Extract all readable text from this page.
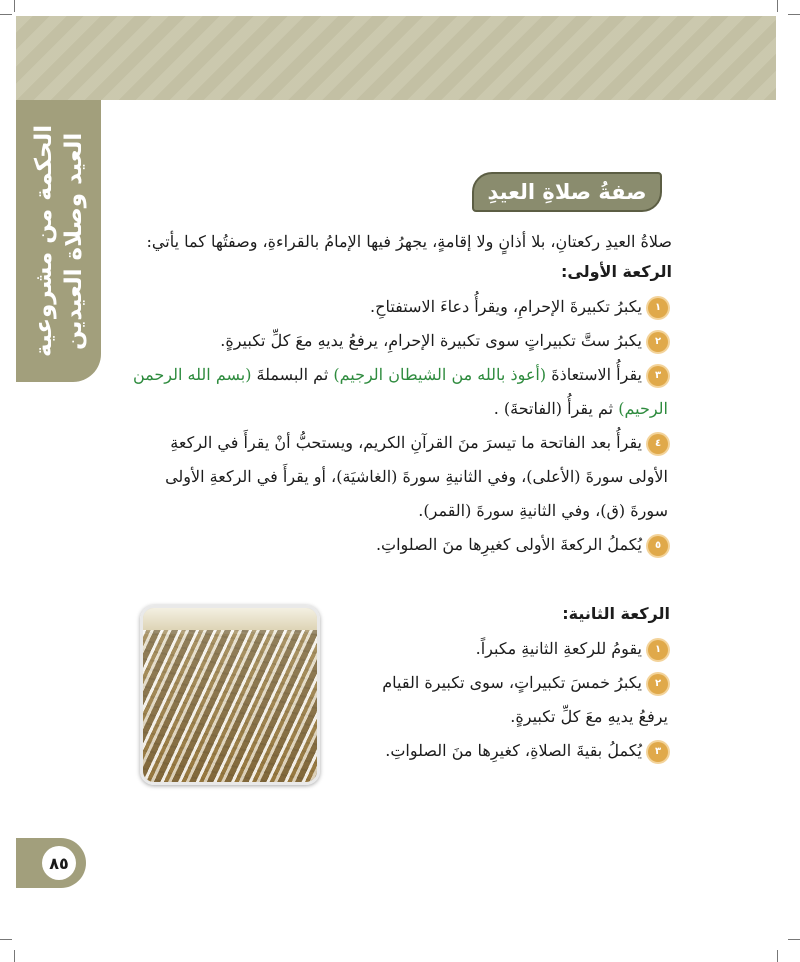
الحكمة من مشروعية العيد وصلاة العيدين	صفةُ صلاةِ العيدِ
صلاةُ العيدِ ركعتانِ، بلا أذانٍ ولا إقامةٍ، يجهرُ فيها الإمامُ بالقراءةِ، وصفتُها كما يأتي:
الركعة الأولى:
١يكبرُ تكبيرةَ الإحرامِ، ويقرأُ دعاءَ الاستفتاحِ.
٢يكبرُ ستَّ تكبيراتٍ سوى تكبيرة الإحرامِ، يرفعُ يديهِ معَ كلِّ تكبيرةٍ.
٣يقرأُ الاستعاذةَ (أعوذ بالله من الشيطان الرجيم) ثم البسملةَ (بسم الله الرحمن الرحيم) ثم يقرأُ (الفاتحةَ) .
٤يقرأُ بعد الفاتحة ما تيسرَ منَ القرآنِ الكريم، ويستحبُّ أنْ يقرأَ في الركعةِ الأولى سورةَ (الأعلى)، وفي الثانيةِ سورةَ (الغاشيَة)، أو يقرأَ في الركعةِ الأولى سورةَ (ق)، وفي الثانيةِ سورةَ (القمر).
٥يُكملُ الركعةَ الأولى كغيرِها منَ الصلواتِ.
الركعة الثانية:
١يقومُ للركعةِ الثانيةِ مكبراً.
٢يكبرُ خمسَ تكبيراتٍ، سوى تكبيرة القيام يرفعُ يديهِ معَ كلِّ تكبيرةٍ.
٣يُكملُ بقيةَ الصلاةِ، كغيرِها منَ الصلواتِ.
٨٥
